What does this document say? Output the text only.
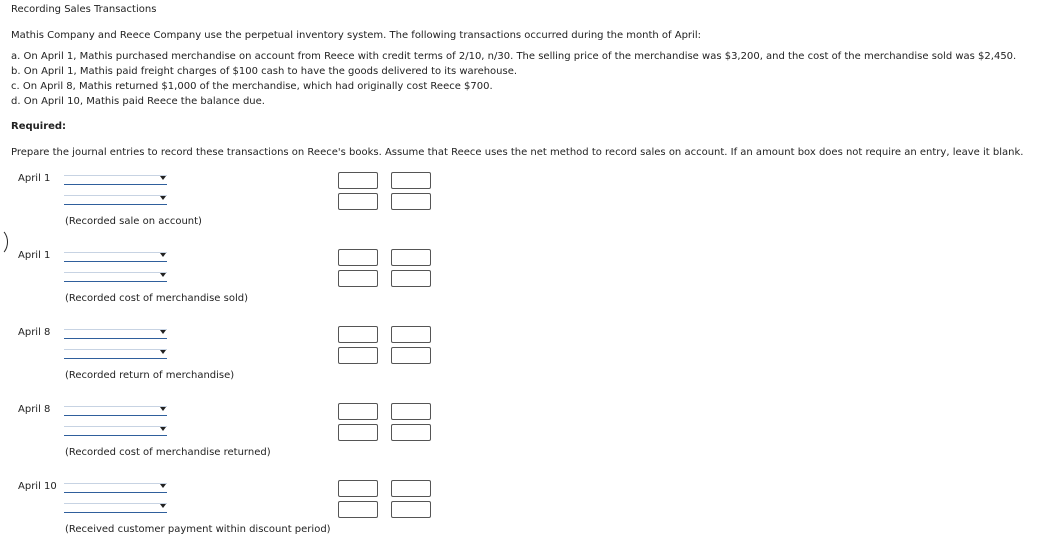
Recording Sales Transactions
Mathis Company and Reece Company use the perpetual inventory system. The following transactions occurred during the month of April:
a. On April 1, Mathis purchased merchandise on account from Reece with credit terms of 2/10, n/30. The selling price of the merchandise was $3,200, and the cost of the merchandise sold was $2,450.
b. On April 1, Mathis paid freight charges of $100 cash to have the goods delivered to its warehouse.
c. On April 8, Mathis returned $1,000 of the merchandise, which had originally cost Reece $700.
d. On April 10, Mathis paid Reece the balance due.
Required:
Prepare the journal entries to record these transactions on Reece's books. Assume that Reece uses the net method to record sales on account. If an amount box does not require an entry, leave it blank.
April 1
(Recorded sale on account)
April 1
(Recorded cost of merchandise sold)
April 8
(Recorded return of merchandise)
April 8
(Recorded cost of merchandise returned)
April 10
(Received customer payment within discount period)
